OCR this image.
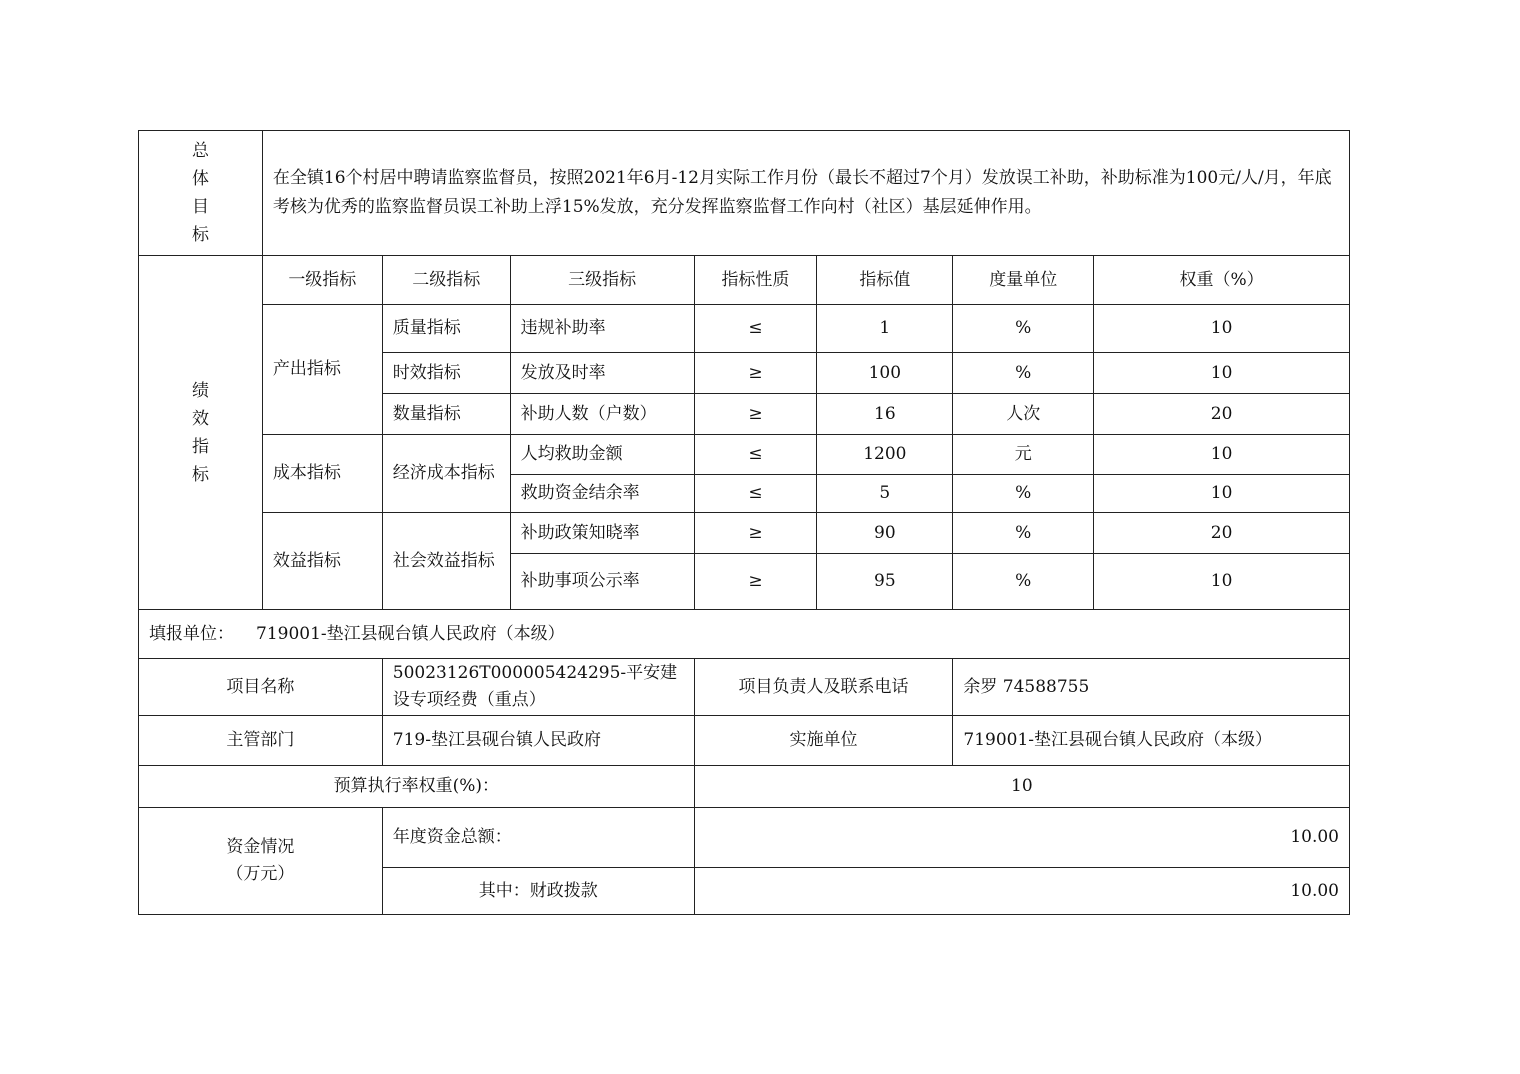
总
体
目
标	在全镇16个村居中聘请监察监督员，按照2021年6月-12月实际工作月份（最长不超过7个月）发放误工补助，补助标准为100元/人/月，年底考核为优秀的监察监督员误工补助上浮15%发放，充分发挥监察监督工作向村（社区）基层延伸作用。						

绩
效
指
标	一级指标	二级指标	三级指标	指标性质	指标值	度量单位	权重（%）
	产出指标	质量指标	违规补助率	≤	1	%	10
		时效指标	发放及时率	≥	100	%	10
		数量指标	补助人数（户数）	≥	16	人次	20
	成本指标	经济成本指标	人均救助金额	≤	1200	元	10
			救助资金结余率	≤	5	%	10
	效益指标	社会效益指标	补助政策知晓率	≥	90	%	20
			补助事项公示率	≥	95	%	10
填报单位： 719001-垫江县砚台镇人民政府（本级）			
项目名称	50023126T000005424295-平安建设专项经费（重点）	项目负责人及联系电话	余罗 74588755
主管部门	719-垫江县砚台镇人民政府	实施单位	719001-垫江县砚台镇人民政府（本级）
预算执行率权重(%)：		10	

资金情况
（万元）	年度资金总额：	10.00	
	其中：财政拨款	10.00	
